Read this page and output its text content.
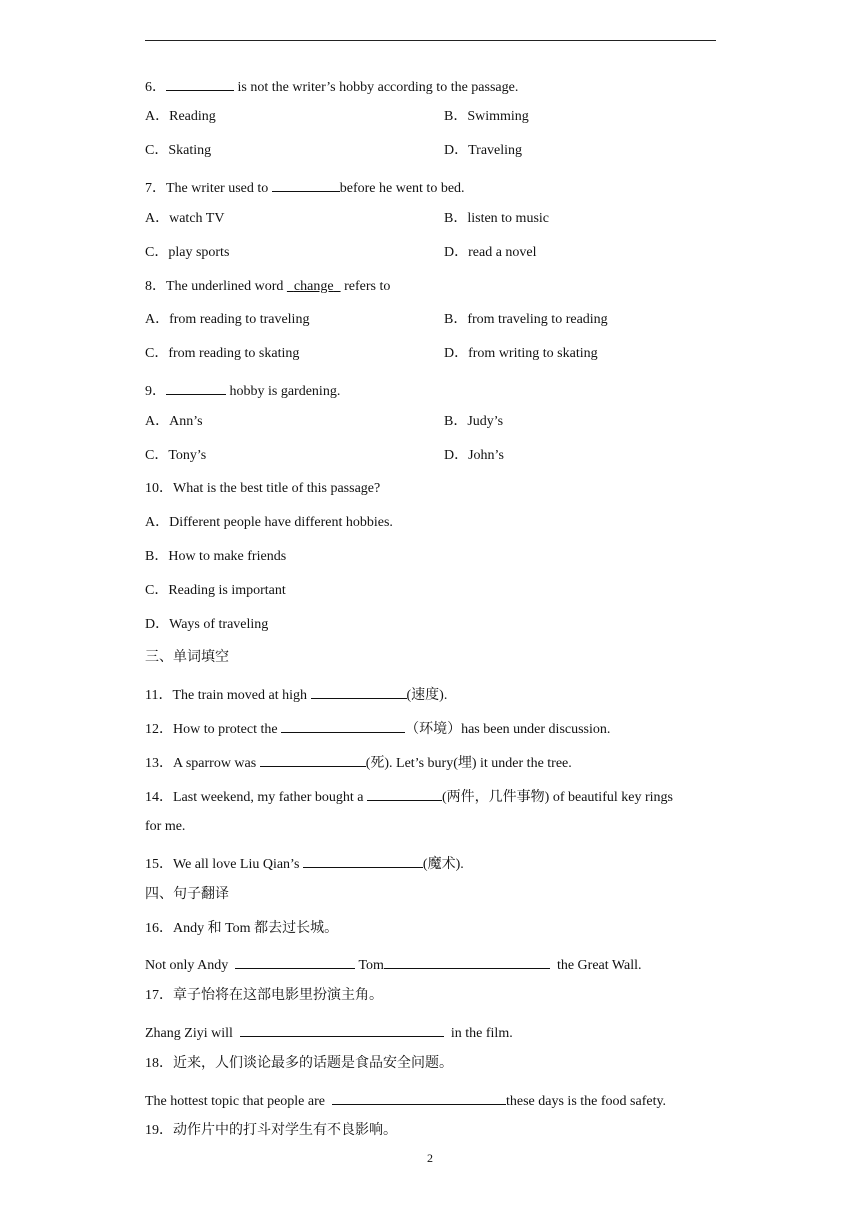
6．	is not the writer’s hobby according to the passage.
A．Reading	B．Swimming
C．Skating	D．Traveling
7．The writer used to	before he went to bed.
A．watch TV	B．listen to music
C．play sports	D．read a novel
8．The underlined word   change   refers to
A．from reading to traveling	B．from traveling to reading
C．from reading to skating	D．from writing to skating
9．	hobby is gardening.
A．Ann’s	B．Judy’s
C．Tony’s	D．John’s
10．What is the best title of this passage?
A．Different people have different hobbies.
B．How to make friends
C．Reading is important
D．Ways of traveling
三、单词填空
11．The train moved at high	(速度).
12．How to protect the	（环境）has been under discussion.
13．A sparrow was	(死). Let’s bury(埋) it under the tree.
14．Last weekend, my father bought a	(两件，几件事物) of beautiful key rings
for me.
15．We all love Liu Qian’s	(魔术).
四、句子翻译
16．Andy 和 Tom 都去过长城。
Not only Andy	Tom	the Great Wall.
17．章子怡将在这部电影里扮演主角。
Zhang Ziyi will	in the film.
18．近来，人们谈论最多的话题是食品安全问题。
The hottest topic that people are	these days is the food safety.
19．动作片中的打斗对学生有不良影响。
2
